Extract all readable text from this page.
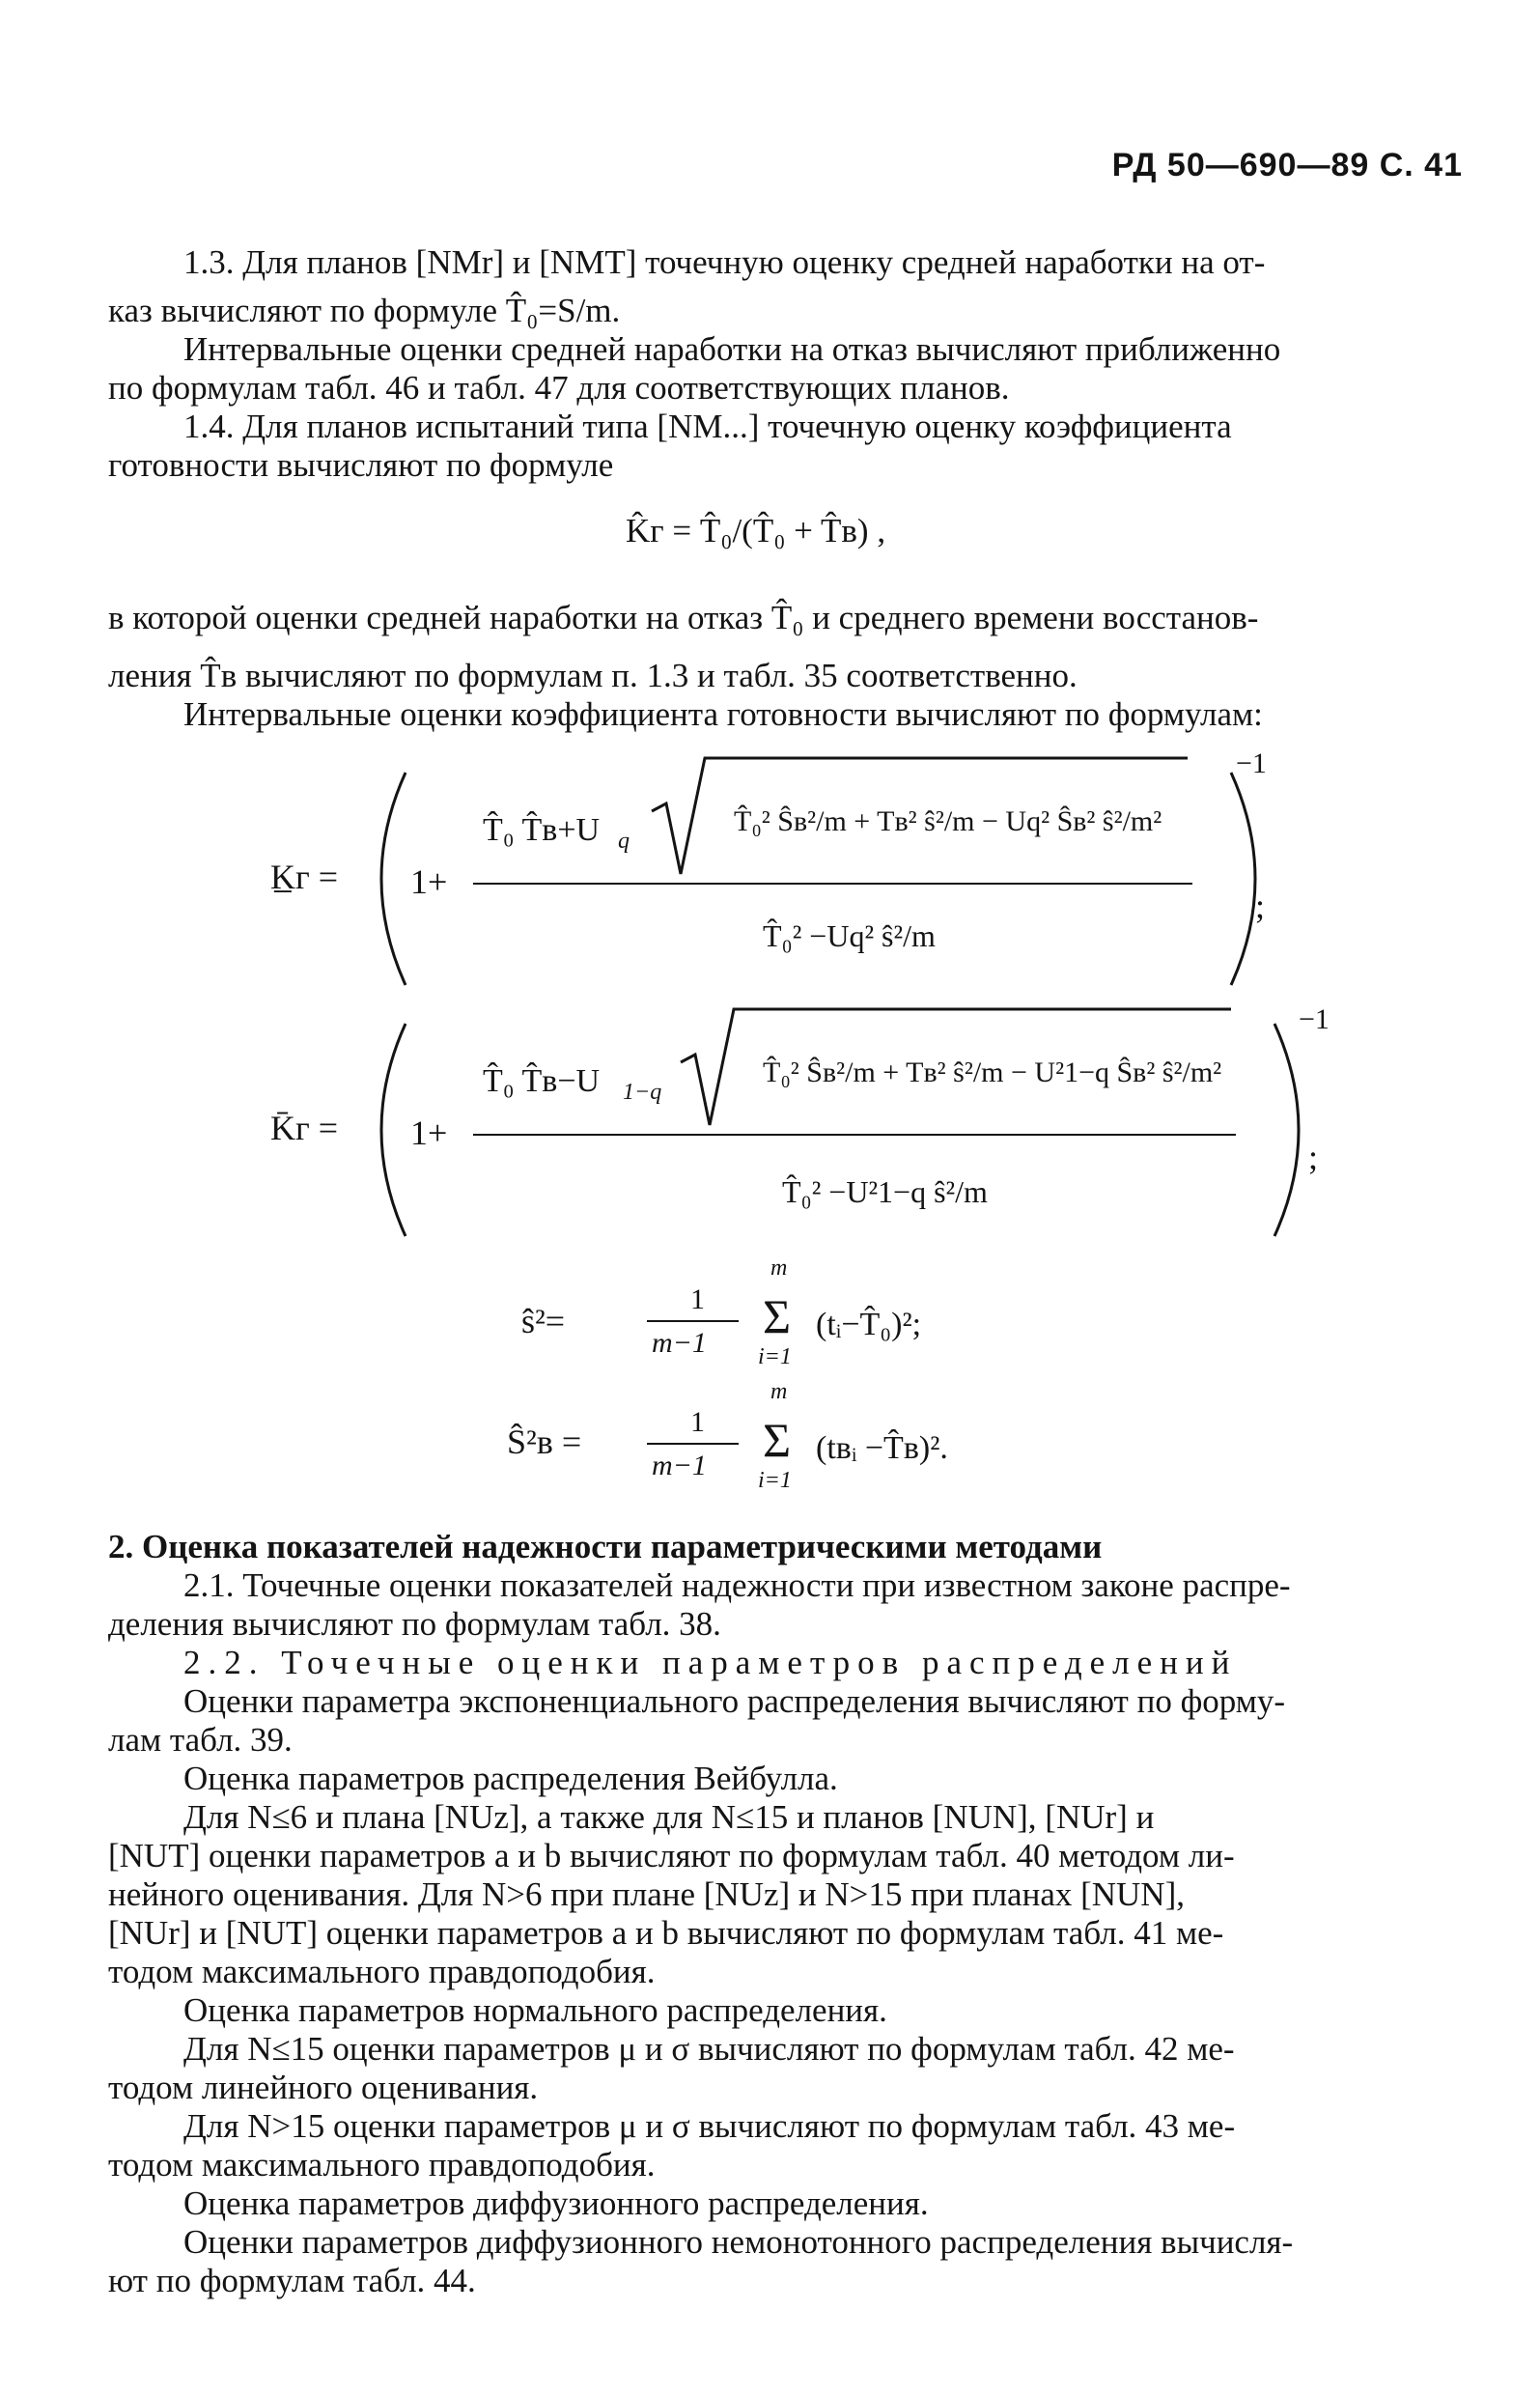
РД 50—690—89 С. 41

1.3. Для планов [NMr] и [NMT] точечную оценку средней наработки на от-

каз вычисляют по формуле T̂₀=S/m.

Интервальные оценки средней наработки на отказ вычисляют приближенно

по формулам табл. 46 и табл. 47 для соответствующих планов.

1.4. Для планов испытаний типа [NM...] точечную оценку коэффициента

готовности вычисляют по формуле

K̂г = T̂₀/(T̂₀ + T̂в) ,

в которой оценки средней наработки на отказ T̂₀ и среднего времени восстанов-

ления T̂в вычисляют по формулам п. 1.3 и табл. 35 соответственно.

Интервальные оценки коэффициента готовности вычисляют по формулам:

K̲г =
−1
;
1+
T̂₀ T̂в+U q
T̂₀² Ŝв²/m + Tв² ŝ²/m − Uq² Ŝв² ŝ²/m²
T̂₀² −Uq² ŝ²/m
K̄г =
−1
;
1+
T̂₀ T̂в−U 1−q
T̂₀² Ŝв²/m + Tв² ŝ²/m − U²1−q Ŝв² ŝ²/m²
T̂₀² −U²1−q ŝ²/m
ŝ²=
1
m−1
m
Σ
i=1
(tᵢ−T̂₀)²;
Ŝ²в =
1
m−1
m
Σ
i=1
(tвᵢ −T̂в)².

2. Оценка показателей надежности параметрическими методами

2.1. Точечные оценки показателей надежности при известном законе распре-

деления вычисляют по формулам табл. 38.

2.2. Точечные оценки параметров распределений

Оценки параметра экспоненциального распределения вычисляют по форму-

лам табл. 39.

Оценка параметров распределения Вейбулла.

Для N≤6 и плана [NUz], а также для N≤15 и планов [NUN], [NUr] и

[NUT] оценки параметров a и b вычисляют по формулам табл. 40 методом ли-

нейного оценивания. Для N>6 при плане [NUz] и N>15 при планах [NUN],

[NUr] и [NUT] оценки параметров a и b вычисляют по формулам табл. 41 ме-

тодом максимального правдоподобия.

Оценка параметров нормального распределения.

Для N≤15 оценки параметров μ и σ вычисляют по формулам табл. 42 ме-

тодом линейного оценивания.

Для N>15 оценки параметров μ и σ вычисляют по формулам табл. 43 ме-

тодом максимального правдоподобия.

Оценка параметров диффузионного распределения.

Оценки параметров диффузионного немонотонного распределения вычисля-

ют по формулам табл. 44.
